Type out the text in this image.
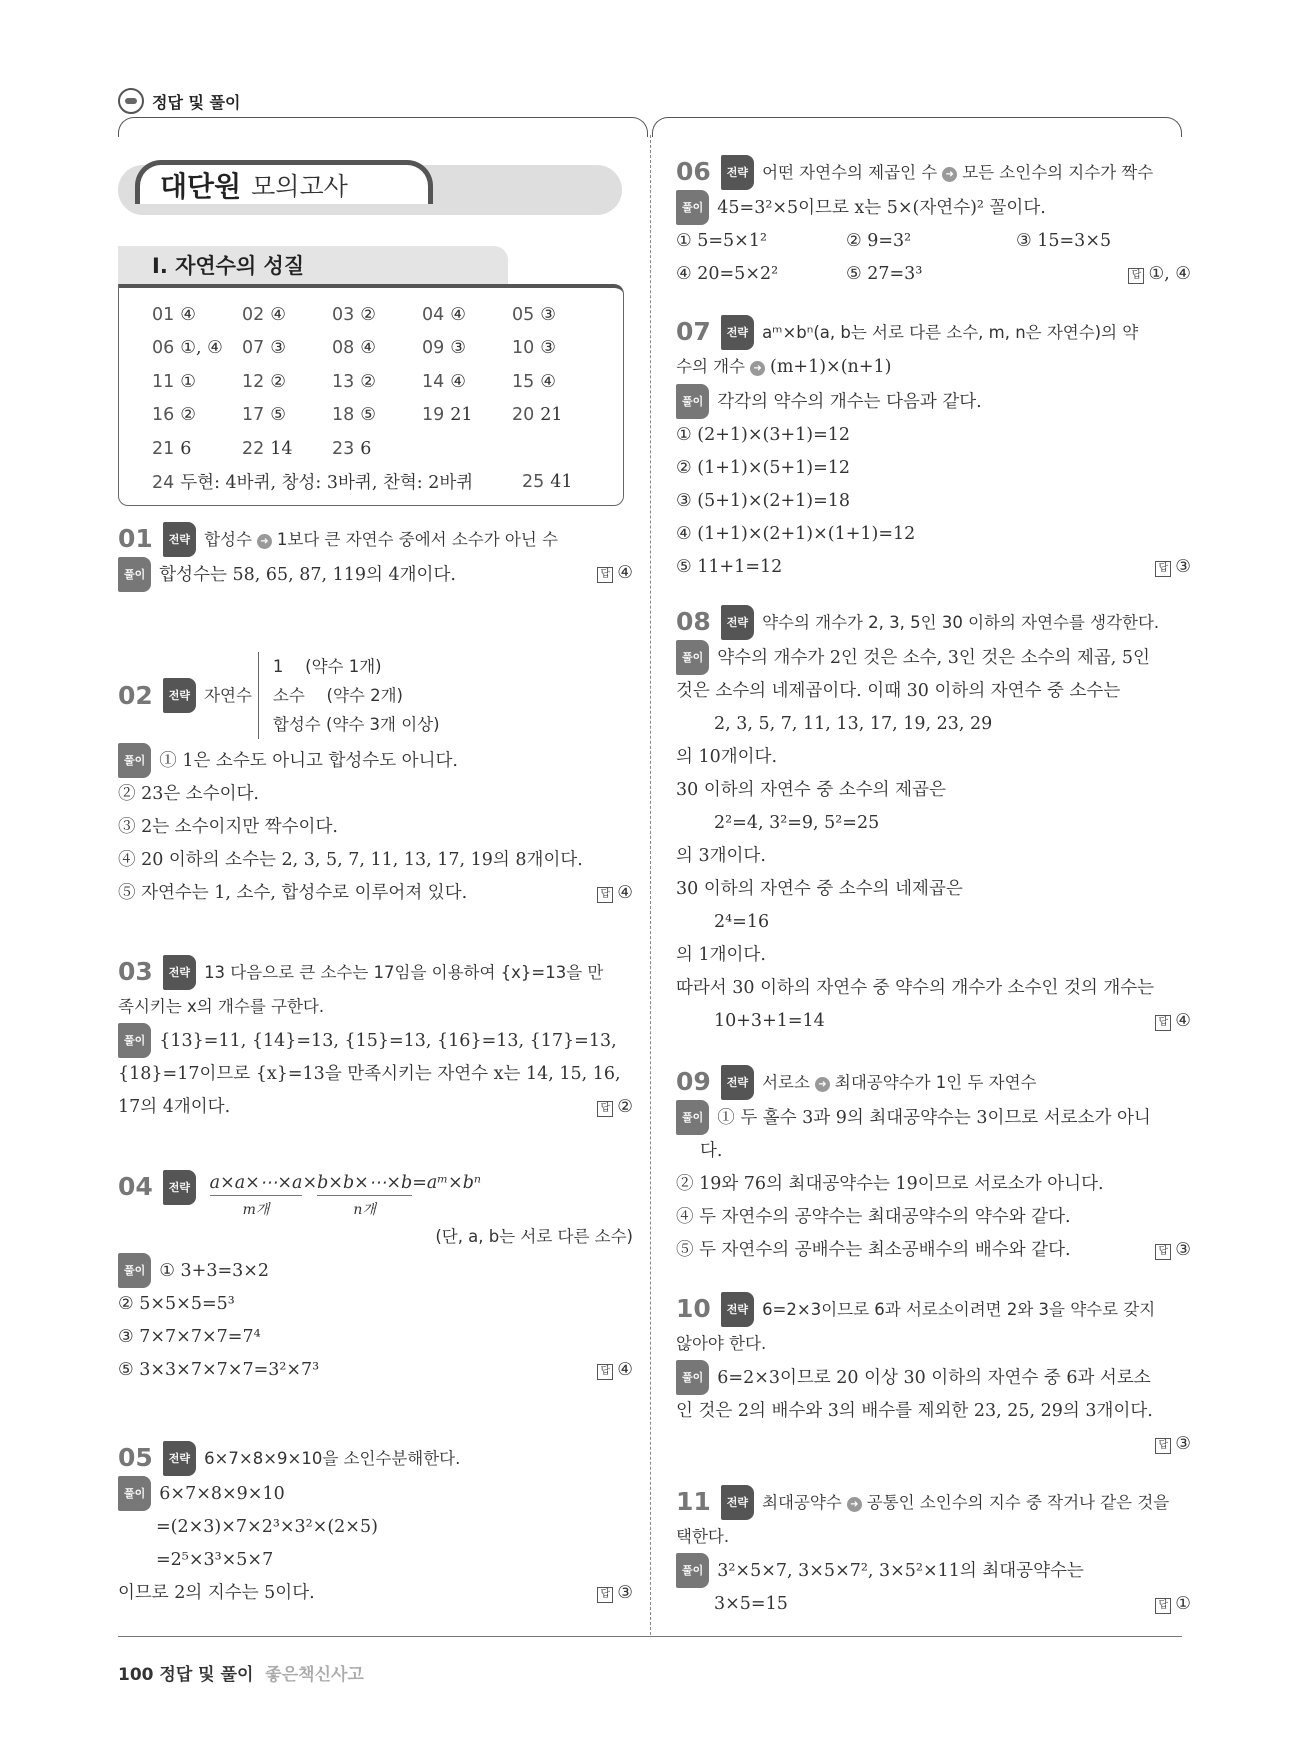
정답 및 풀이
대단원 모의고사
Ⅰ. 자연수의 성질
01 ④	02 ④	03 ②	04 ④	05 ③
06 ①, ④	07 ③	08 ④	09 ③	10 ③
11 ①	12 ②	13 ②	14 ④	15 ④
16 ②	17 ⑤	18 ⑤	19 21	20 21
21 6	22 14	23 6
24 두현: 4바퀴, 창성: 3바퀴, 찬혁: 2바퀴	25 41
01 전략 합성수 ➜ 1보다 큰 자연수 중에서 소수가 아닌 수
풀이 합성수는 58, 65, 87, 119의 4개이다.	답 ④
02	전략 자연수
1 　(약수 1개)
소수 　(약수 2개)
합성수 (약수 3개 이상)
풀이 ① 1은 소수도 아니고 합성수도 아니다.
② 23은 소수이다.
③ 2는 소수이지만 짝수이다.
④ 20 이하의 소수는 2, 3, 5, 7, 11, 13, 17, 19의 8개이다.
⑤ 자연수는 1, 소수, 합성수로 이루어져 있다.	답 ④
03 전략 13 다음으로 큰 소수는 17임을 이용하여 {x}=13을 만
족시키는 x의 개수를 구한다.
풀이 {13}=11, {14}=13, {15}=13, {16}=13, {17}=13,
{18}=17이므로 {x}=13을 만족시키는 자연수 x는 14, 15, 16,
17의 4개이다.	답 ②
04 전략 a×a×⋯×a
m개×b×b×⋯×b
n개=aᵐ×bⁿ
(단, a, b는 서로 다른 소수)
풀이 ① 3+3=3×2
② 5×5×5=5³
③ 7×7×7×7=7⁴
⑤ 3×3×7×7×7=3²×7³	답 ④
05 전략 6×7×8×9×10을 소인수분해한다.
풀이 6×7×8×9×10
=(2×3)×7×2³×3²×(2×5)
=2⁵×3³×5×7
이므로 2의 지수는 5이다.	답 ③
06 전략 어떤 자연수의 제곱인 수 ➜ 모든 소인수의 지수가 짝수
풀이 45=3²×5이므로 x는 5×(자연수)² 꼴이다.
① 5=5×1²	② 9=3²	③ 15=3×5
④ 20=5×2²	⑤ 27=3³	답 ①, ④
07 전략 aᵐ×bⁿ(a, b는 서로 다른 소수, m, n은 자연수)의 약
수의 개수 ➜ (m+1)×(n+1)
풀이 각각의 약수의 개수는 다음과 같다.
① (2+1)×(3+1)=12
② (1+1)×(5+1)=12
③ (5+1)×(2+1)=18
④ (1+1)×(2+1)×(1+1)=12
⑤ 11+1=12	답 ③
08 전략 약수의 개수가 2, 3, 5인 30 이하의 자연수를 생각한다.
풀이 약수의 개수가 2인 것은 소수, 3인 것은 소수의 제곱, 5인
것은 소수의 네제곱이다. 이때 30 이하의 자연수 중 소수는
2, 3, 5, 7, 11, 13, 17, 19, 23, 29
의 10개이다.
30 이하의 자연수 중 소수의 제곱은
2²=4, 3²=9, 5²=25
의 3개이다.
30 이하의 자연수 중 소수의 네제곱은
2⁴=16
의 1개이다.
따라서 30 이하의 자연수 중 약수의 개수가 소수인 것의 개수는
10+3+1=14	답 ④
09 전략 서로소 ➜ 최대공약수가 1인 두 자연수
풀이 ① 두 홀수 3과 9의 최대공약수는 3이므로 서로소가 아니
다.
② 19와 76의 최대공약수는 19이므로 서로소가 아니다.
④ 두 자연수의 공약수는 최대공약수의 약수와 같다.
⑤ 두 자연수의 공배수는 최소공배수의 배수와 같다.	답 ③
10 전략 6=2×3이므로 6과 서로소이려면 2와 3을 약수로 갖지
않아야 한다.
풀이 6=2×3이므로 20 이상 30 이하의 자연수 중 6과 서로소
인 것은 2의 배수와 3의 배수를 제외한 23, 25, 29의 3개이다.
답 ③
11 전략 최대공약수 ➜ 공통인 소인수의 지수 중 작거나 같은 것을
택한다.
풀이 3²×5×7, 3×5×7², 3×5²×11의 최대공약수는
3×5=15	답 ①
100 정답 및 풀이 좋은책신사고
